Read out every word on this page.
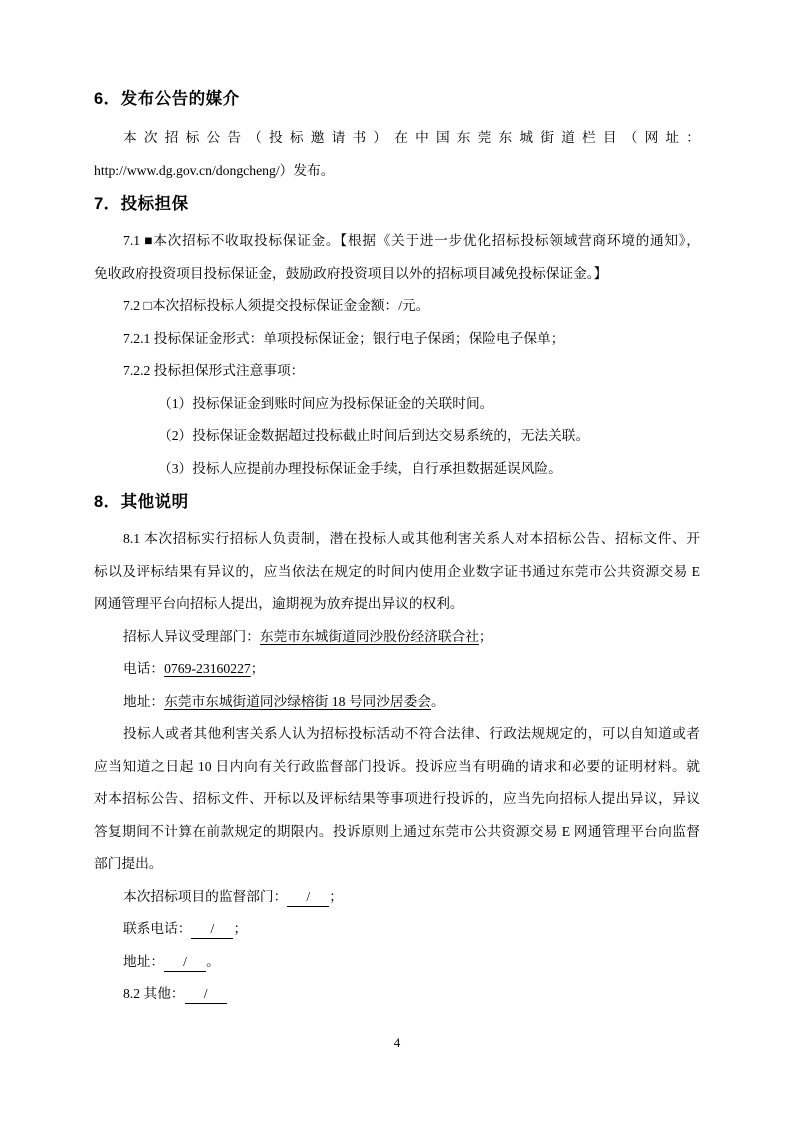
6．发布公告的媒介
本次招标公告（投标邀请书）在中国东莞东城街道栏目（网址：
http://www.dg.gov.cn/dongcheng/）发布。
7．投标担保
7.1 ■本次招标不收取投标保证金。【根据《关于进一步优化招标投标领域营商环境的通知》，
免收政府投资项目投标保证金，鼓励政府投资项目以外的招标项目减免投标保证金。】
7.2 □本次招标投标人须提交投标保证金金额：/元。
7.2.1 投标保证金形式：单项投标保证金；银行电子保函；保险电子保单；
7.2.2 投标担保形式注意事项：
（1）投标保证金到账时间应为投标保证金的关联时间。
（2）投标保证金数据超过投标截止时间后到达交易系统的，无法关联。
（3）投标人应提前办理投标保证金手续，自行承担数据延误风险。
8．其他说明
8.1 本次招标实行招标人负责制，潜在投标人或其他利害关系人对本招标公告、招标文件、开
标以及评标结果有异议的，应当依法在规定的时间内使用企业数字证书通过东莞市公共资源交易 E
网通管理平台向招标人提出，逾期视为放弃提出异议的权利。
招标人异议受理部门：东莞市东城街道同沙股份经济联合社；
电话：0769-23160227；
地址：东莞市东城街道同沙绿榕街 18 号同沙居委会。
投标人或者其他利害关系人认为招标投标活动不符合法律、行政法规规定的，可以自知道或者
应当知道之日起 10 日内向有关行政监督部门投诉。投诉应当有明确的请求和必要的证明材料。就
对本招标公告、招标文件、开标以及评标结果等事项进行投诉的，应当先向招标人提出异议，异议
答复期间不计算在前款规定的期限内。投诉原则上通过东莞市公共资源交易 E 网通管理平台向监督
部门提出。
本次招标项目的监督部门： / ；
联系电话： / ；
地址： / 。
8.2 其他： /
4
